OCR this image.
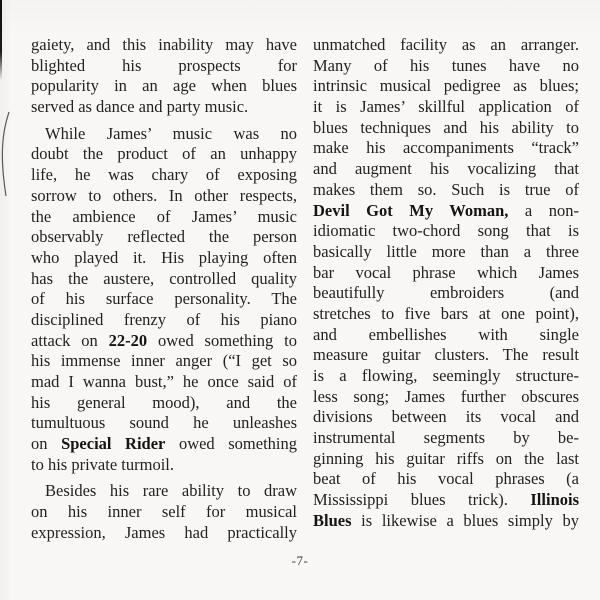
gaiety, and this inability may have
blighted his prospects for
popularity in an age when blues
served as dance and party music.
While James’ music was no
doubt the product of an unhappy
life, he was chary of exposing
sorrow to others. In other respects,
the ambience of James’ music
observably reflected the person
who played it. His playing often
has the austere, controlled quality
of his surface personality. The
disciplined frenzy of his piano
attack on 22-20 owed something to
his immense inner anger (“I get so
mad I wanna bust,” he once said of
his general mood), and the
tumultuous sound he unleashes
on Special Rider owed something
to his private turmoil.
Besides his rare ability to draw
on his inner self for musical
expression, James had practically
unmatched facility as an arranger.
Many of his tunes have no
intrinsic musical pedigree as blues;
it is James’ skillful application of
blues techniques and his ability to
make his accompaniments “track”
and augment his vocalizing that
makes them so. Such is true of
Devil Got My Woman, a non-
idiomatic two-chord song that is
basically little more than a three
bar vocal phrase which James
beautifully embroiders (and
stretches to five bars at one point),
and embellishes with single
measure guitar clusters. The result
is a flowing, seemingly structure-
less song; James further obscures
divisions between its vocal and
instrumental segments by be-
ginning his guitar riffs on the last
beat of his vocal phrases (a
Mississippi blues trick). Illinois
Blues is likewise a blues simply by
-7-
